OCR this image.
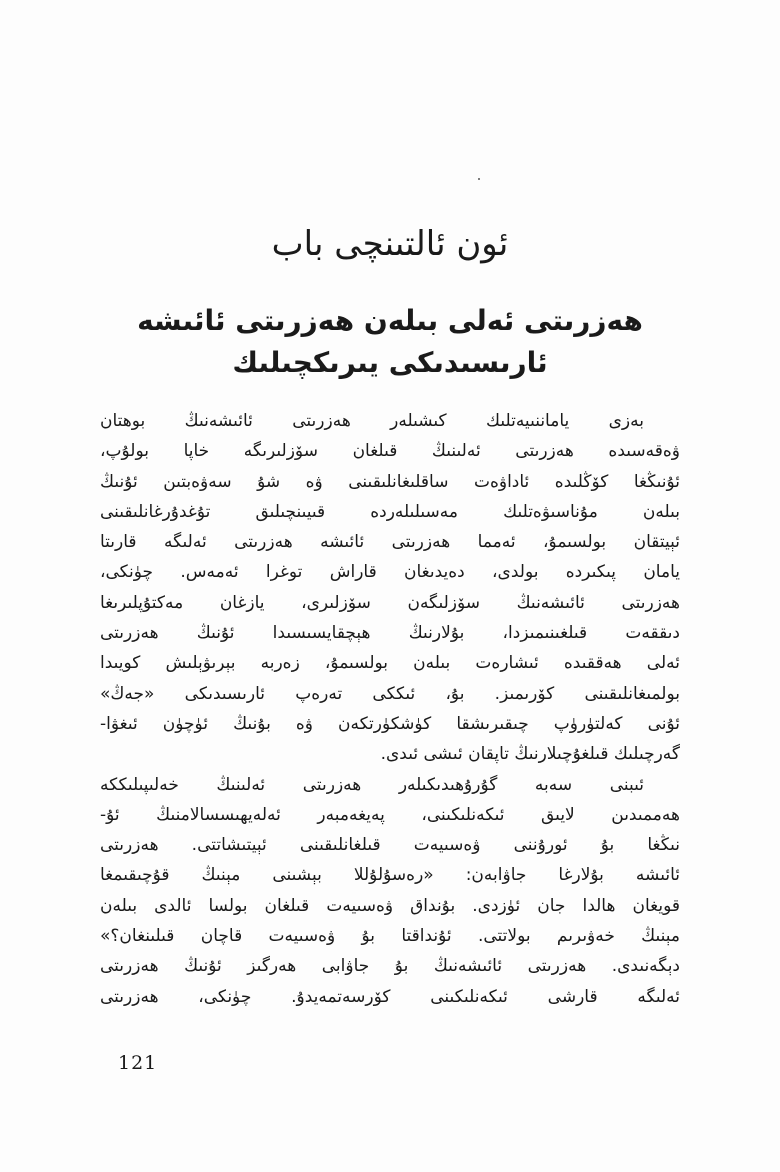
ئون ئالتىنچى باب
ھەزرىتى ئەلى بىلەن ھەزرىتى ئائىشە
ئارىسىدىكى يىرىكچىلىك
بەزى ياماننىيەتلىك كىشىلەر ھەزرىتى ئائىشەنىڭ بوھتان
ۋەقەسىدە ھەزرىتى ئەلىنىڭ قىلغان سۆزلىرىگە خاپا بولۇپ،
ئۇنىڭغا كۆڭلىدە ئاداۋەت ساقلىغانلىقىنى ۋە شۇ سەۋەبتىن ئۇنىڭ
بىلەن مۇناسىۋەتلىك مەسىلىلەردە قىيىنچىلىق تۇغدۇرغانلىقىنى
ئېيتقان بولسىمۇ، ئەمما ھەزرىتى ئائىشە ھەزرىتى ئەلىگە قارىتا
يامان پىكىردە بولدى، دەيدىغان قاراش توغرا ئەمەس. چۈنكى،
ھەزرىتى ئائىشەنىڭ سۆزلىگەن سۆزلىرى، يازغان مەكتۇپلىرىغا
دىققەت قىلغىنىمىزدا، بۇلارنىڭ ھېچقايسىسىدا ئۇنىڭ ھەزرىتى
ئەلى ھەققىدە ئىشارەت بىلەن بولسىمۇ، زەربە بېرىۋېلىش كويىدا
بولمىغانلىقىنى كۆرىمىز. بۇ، ئىككى تەرەپ ئارىسىدىكى «جەڭ»
ئۇنى كەلتۈرۈپ چىقىرىشقا كۈشكۈرتكەن ۋە بۇنىڭ ئۈچۈن ئىغۋا-
گەرچىلىك قىلغۇچىلارنىڭ تاپقان ئىشى ئىدى.
ئىبنى سەبە گۇرۇھىدىكىلەر ھەزرىتى ئەلىنىڭ خەلىپىلىككە
ھەممىدىن لايىق ئىكەنلىكىنى، پەيغەمبەر ئەلەيھىسسالامنىڭ ئۇ-
نىڭغا بۇ ئورۇننى ۋەسىيەت قىلغانلىقىنى ئېيتىشاتتى. ھەزرىتى
ئائىشە بۇلارغا جاۋابەن: «رەسۇلۇللا بېشىنى مېنىڭ قۇچىقىمغا
قويغان ھالدا جان ئۈزدى. بۇنداق ۋەسىيەت قىلغان بولسا ئالدى بىلەن
مېنىڭ خەۋىرىم بولاتتى. ئۇنداقتا بۇ ۋەسىيەت قاچان قىلىنغان؟»
دېگەنىدى. ھەزرىتى ئائىشەنىڭ بۇ جاۋابى ھەرگىز ئۇنىڭ ھەزرىتى
ئەلىگە قارشى ئىكەنلىكىنى كۆرسەتمەيدۇ. چۈنكى، ھەزرىتى
121
